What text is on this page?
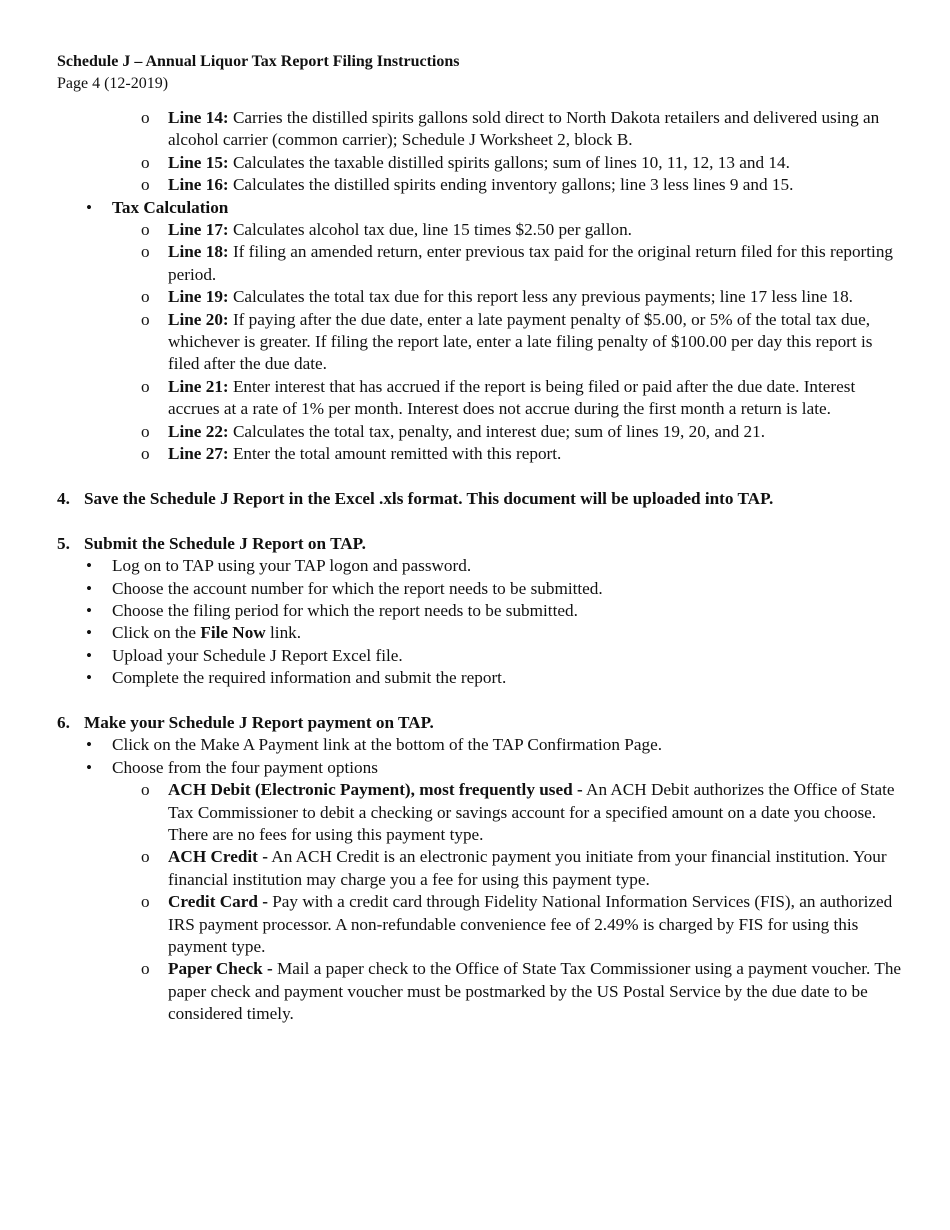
Schedule J – Annual Liquor Tax Report Filing Instructions
Page 4 (12-2019)
o Line 14: Carries the distilled spirits gallons sold direct to North Dakota retailers and delivered using an alcohol carrier (common carrier); Schedule J Worksheet 2, block B.
o Line 15: Calculates the taxable distilled spirits gallons; sum of lines 10, 11, 12, 13 and 14.
o Line 16: Calculates the distilled spirits ending inventory gallons; line 3 less lines 9 and 15.
• Tax Calculation
o Line 17: Calculates alcohol tax due, line 15 times $2.50 per gallon.
o Line 18: If filing an amended return, enter previous tax paid for the original return filed for this reporting period.
o Line 19: Calculates the total tax due for this report less any previous payments; line 17 less line 18.
o Line 20: If paying after the due date, enter a late payment penalty of $5.00, or 5% of the total tax due, whichever is greater. If filing the report late, enter a late filing penalty of $100.00 per day this report is filed after the due date.
o Line 21: Enter interest that has accrued if the report is being filed or paid after the due date. Interest accrues at a rate of 1% per month. Interest does not accrue during the first month a return is late.
o Line 22: Calculates the total tax, penalty, and interest due; sum of lines 19, 20, and 21.
o Line 27: Enter the total amount remitted with this report.
4. Save the Schedule J Report in the Excel .xls format. This document will be uploaded into TAP.
5. Submit the Schedule J Report on TAP.
• Log on to TAP using your TAP logon and password.
• Choose the account number for which the report needs to be submitted.
• Choose the filing period for which the report needs to be submitted.
• Click on the File Now link.
• Upload your Schedule J Report Excel file.
• Complete the required information and submit the report.
6. Make your Schedule J Report payment on TAP.
• Click on the Make A Payment link at the bottom of the TAP Confirmation Page.
• Choose from the four payment options
o ACH Debit (Electronic Payment), most frequently used - An ACH Debit authorizes the Office of State Tax Commissioner to debit a checking or savings account for a specified amount on a date you choose. There are no fees for using this payment type.
o ACH Credit - An ACH Credit is an electronic payment you initiate from your financial institution. Your financial institution may charge you a fee for using this payment type.
o Credit Card - Pay with a credit card through Fidelity National Information Services (FIS), an authorized IRS payment processor. A non-refundable convenience fee of 2.49% is charged by FIS for using this payment type.
o Paper Check - Mail a paper check to the Office of State Tax Commissioner using a payment voucher. The paper check and payment voucher must be postmarked by the US Postal Service by the due date to be considered timely.
